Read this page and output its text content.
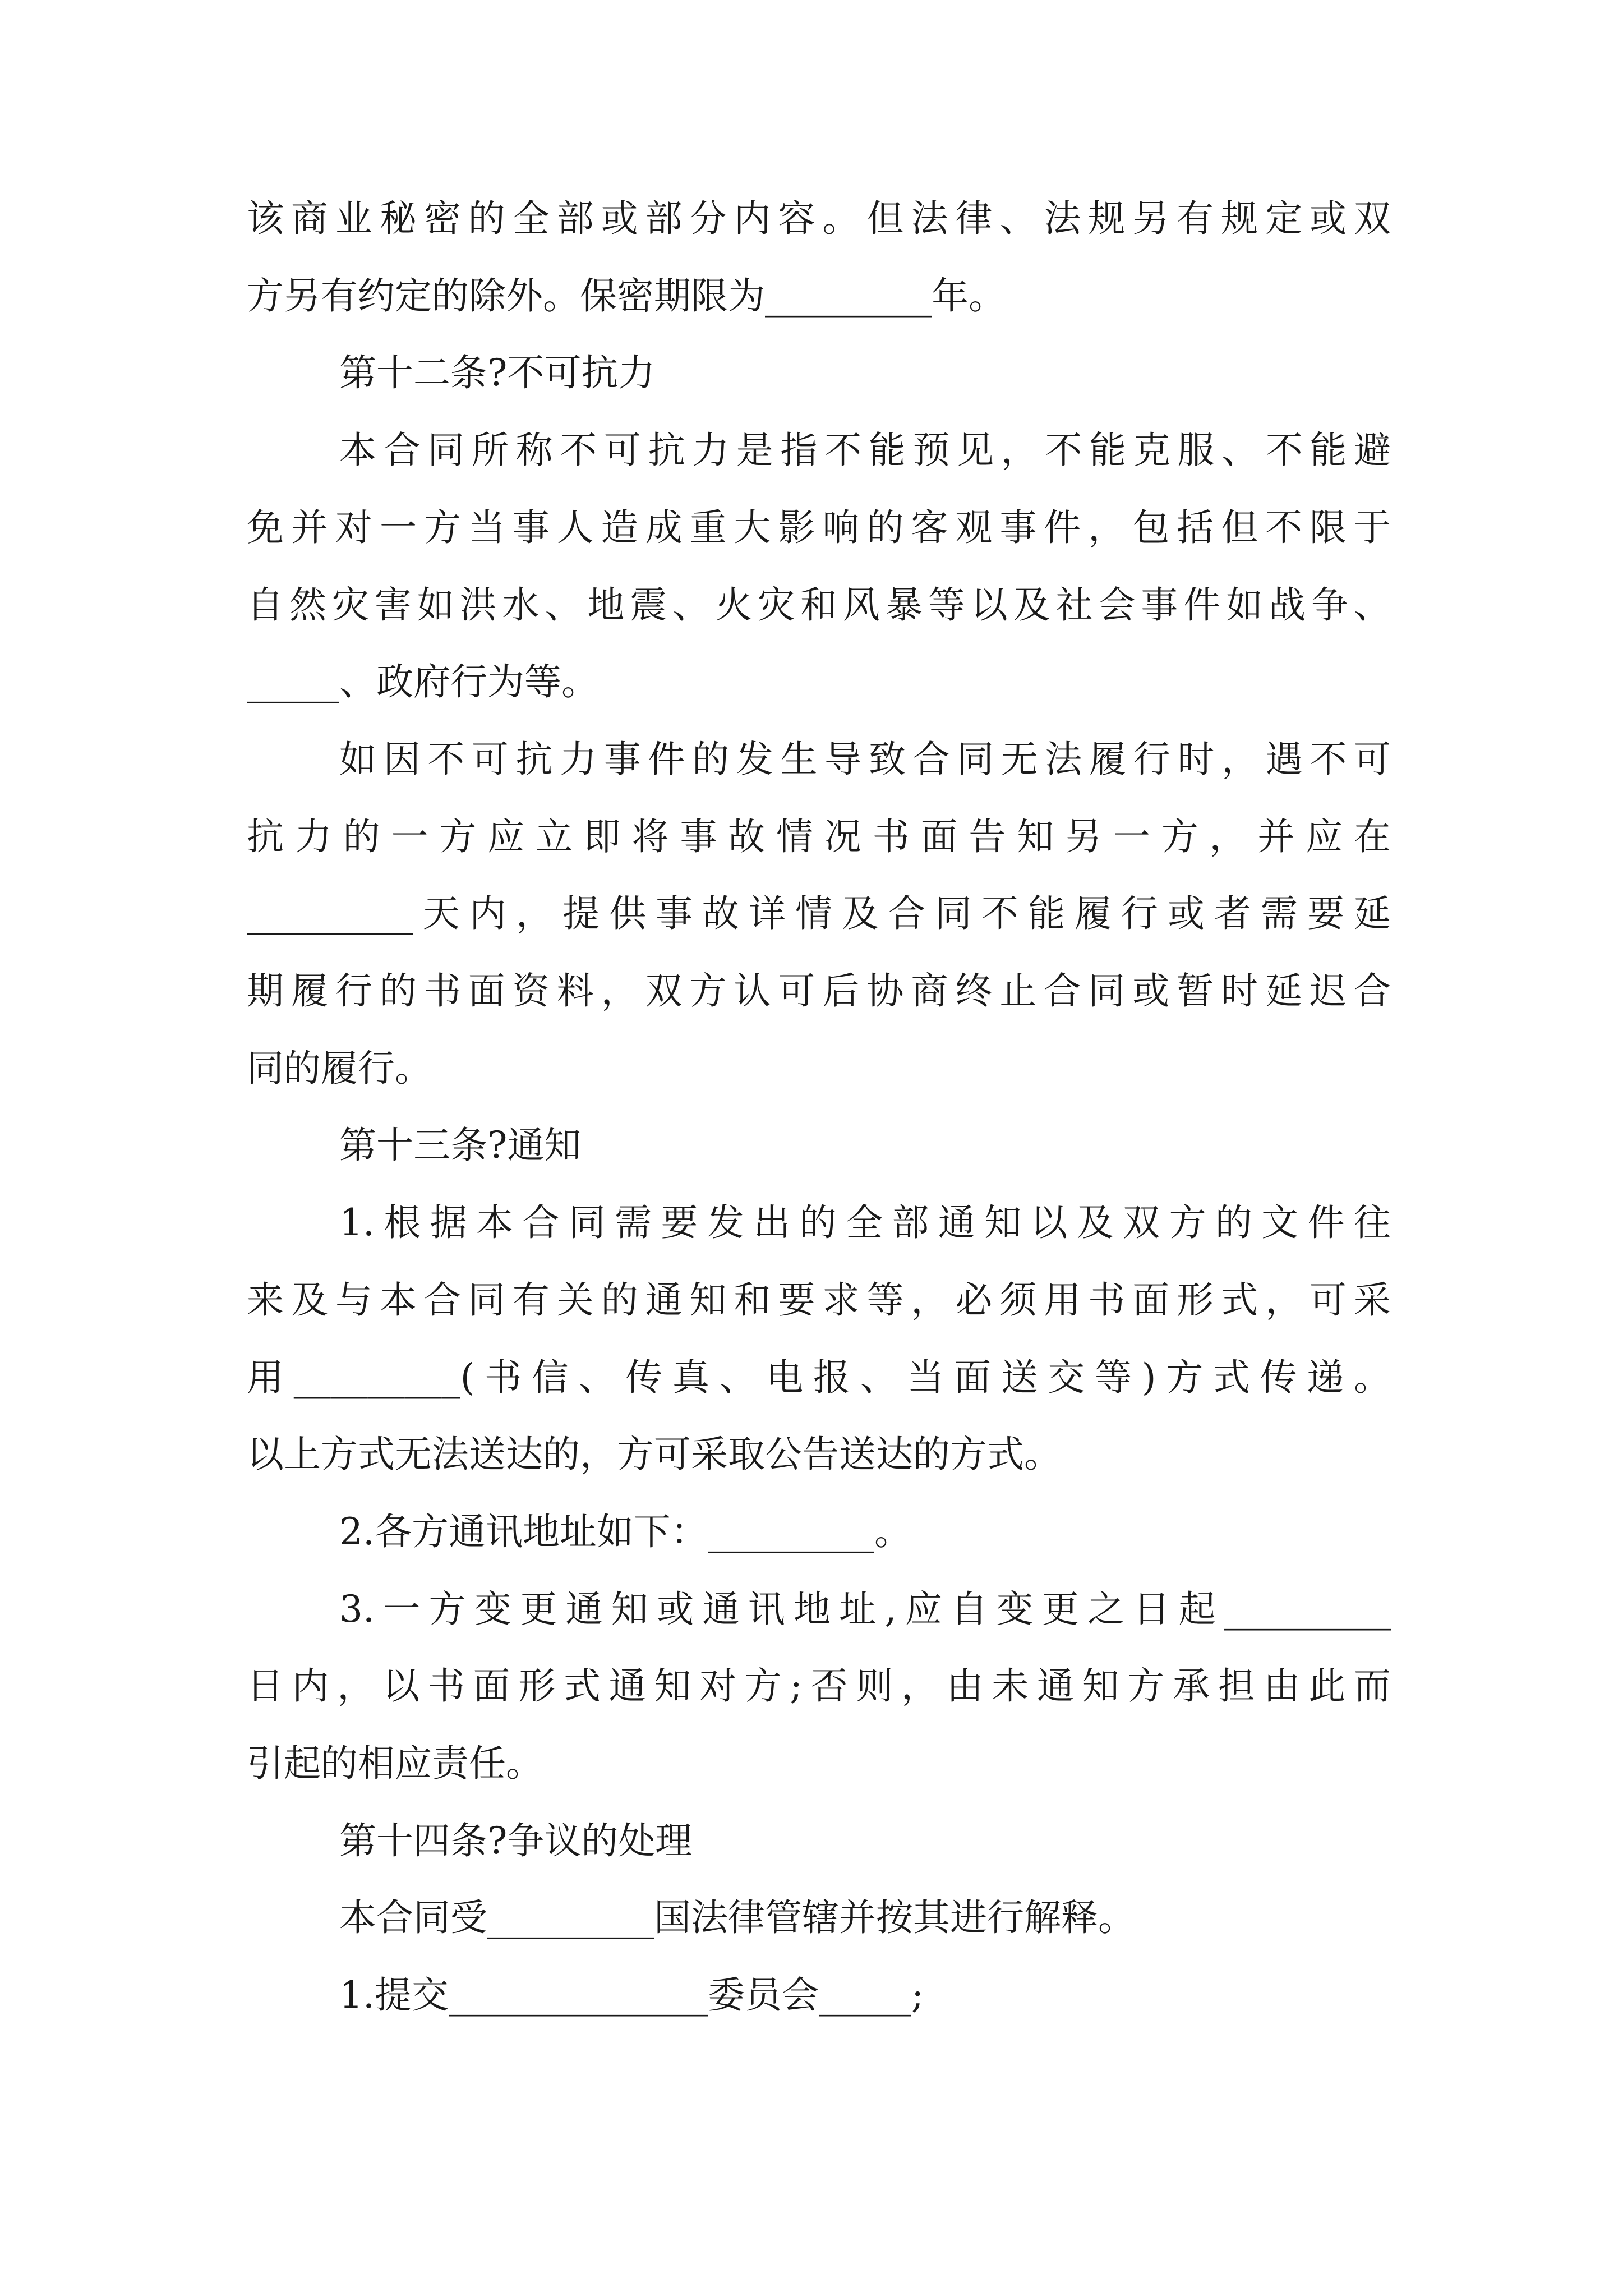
该商业秘密的全部或部分内容。但法律、法规另有规定或双
方另有约定的除外。保密期限为_________年。
第十二条?不可抗力
本合同所称不可抗力是指不能预见，不能克服、不能避
免并对一方当事人造成重大影响的客观事件，包括但不限于
自然灾害如洪水、地震、火灾和风暴等以及社会事件如战争、
_____、政府行为等。
如因不可抗力事件的发生导致合同无法履行时，遇不可
抗力的一方应立即将事故情况书面告知另一方，并应在
_________天内，提供事故详情及合同不能履行或者需要延
期履行的书面资料，双方认可后协商终止合同或暂时延迟合
同的履行。
第十三条?通知
1.根据本合同需要发出的全部通知以及双方的文件往
来及与本合同有关的通知和要求等，必须用书面形式，可采
用_________(书信、传真、电报、当面送交等)方式传递。
以上方式无法送达的，方可采取公告送达的方式。
2.各方通讯地址如下：_________。
3.一方变更通知或通讯地址,应自变更之日起_________
日内，以书面形式通知对方;否则，由未通知方承担由此而
引起的相应责任。
第十四条?争议的处理
本合同受_________国法律管辖并按其进行解释。
1.提交______________委员会_____;
